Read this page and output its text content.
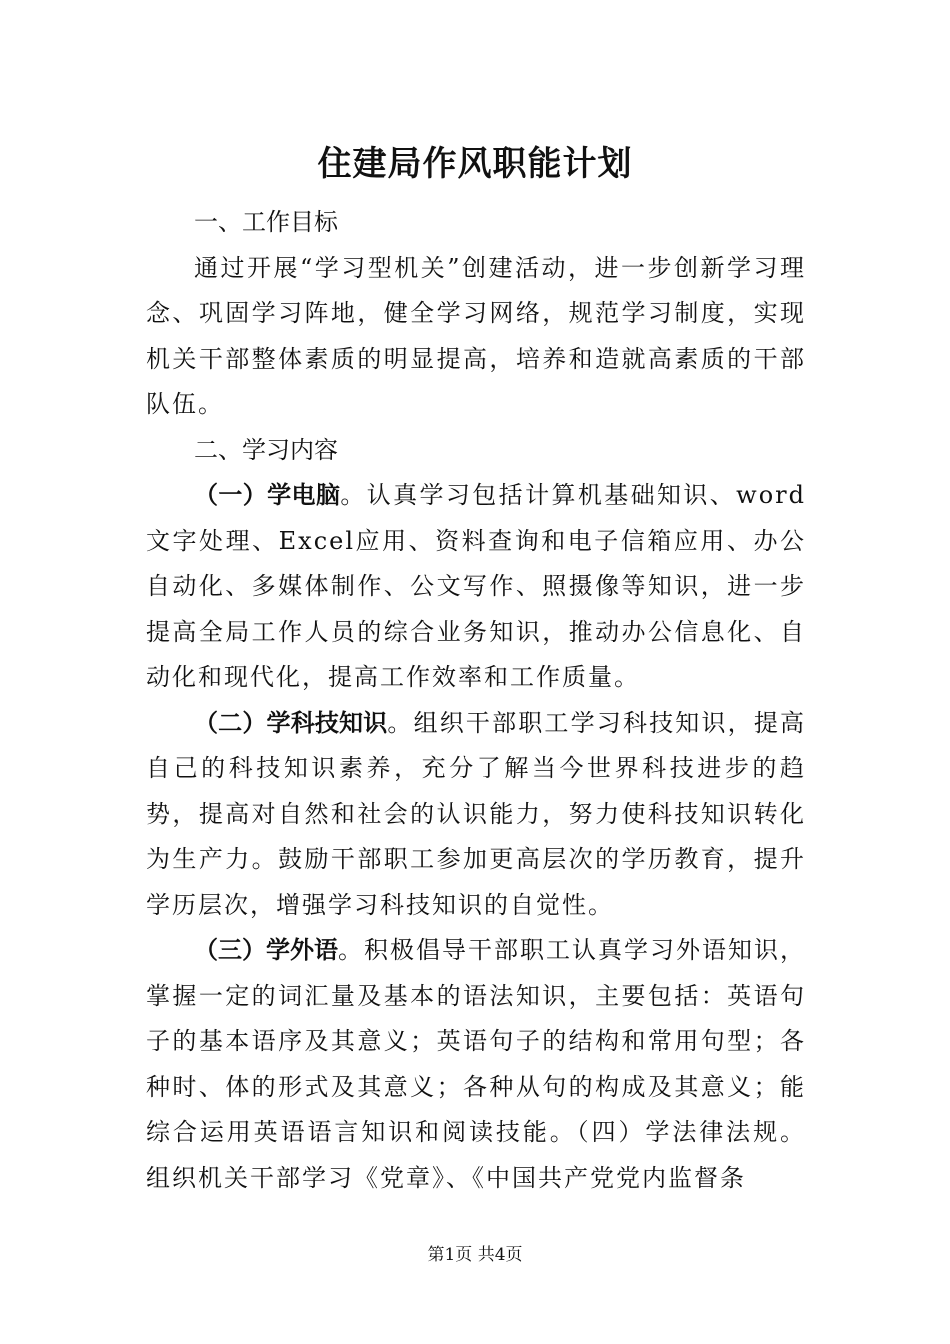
住建局作风职能计划
一、工作目标

通过开展“学习型机关”创建活动，进一步创新学习理念、巩固学习阵地，健全学习网络，规范学习制度，实现机关干部整体素质的明显提高，培养和造就高素质的干部队伍。

二、学习内容

（一）学电脑。认真学习包括计算机基础知识、word文字处理、Excel应用、资料查询和电子信箱应用、办公自动化、多媒体制作、公文写作、照摄像等知识，进一步提高全局工作人员的综合业务知识，推动办公信息化、自动化和现代化，提高工作效率和工作质量。

（二）学科技知识。组织干部职工学习科技知识，提高自己的科技知识素养，充分了解当今世界科技进步的趋势，提高对自然和社会的认识能力，努力使科技知识转化为生产力。鼓励干部职工参加更高层次的学历教育，提升学历层次，增强学习科技知识的自觉性。

（三）学外语。积极倡导干部职工认真学习外语知识，掌握一定的词汇量及基本的语法知识，主要包括：英语句子的基本语序及其意义；英语句子的结构和常用句型；各种时、体的形式及其意义；各种从句的构成及其意义；能综合运用英语语言知识和阅读技能。（四）学法律法规。组织机关干部学习《党章》、《中国共产党党内监督条

第1页 共4页
